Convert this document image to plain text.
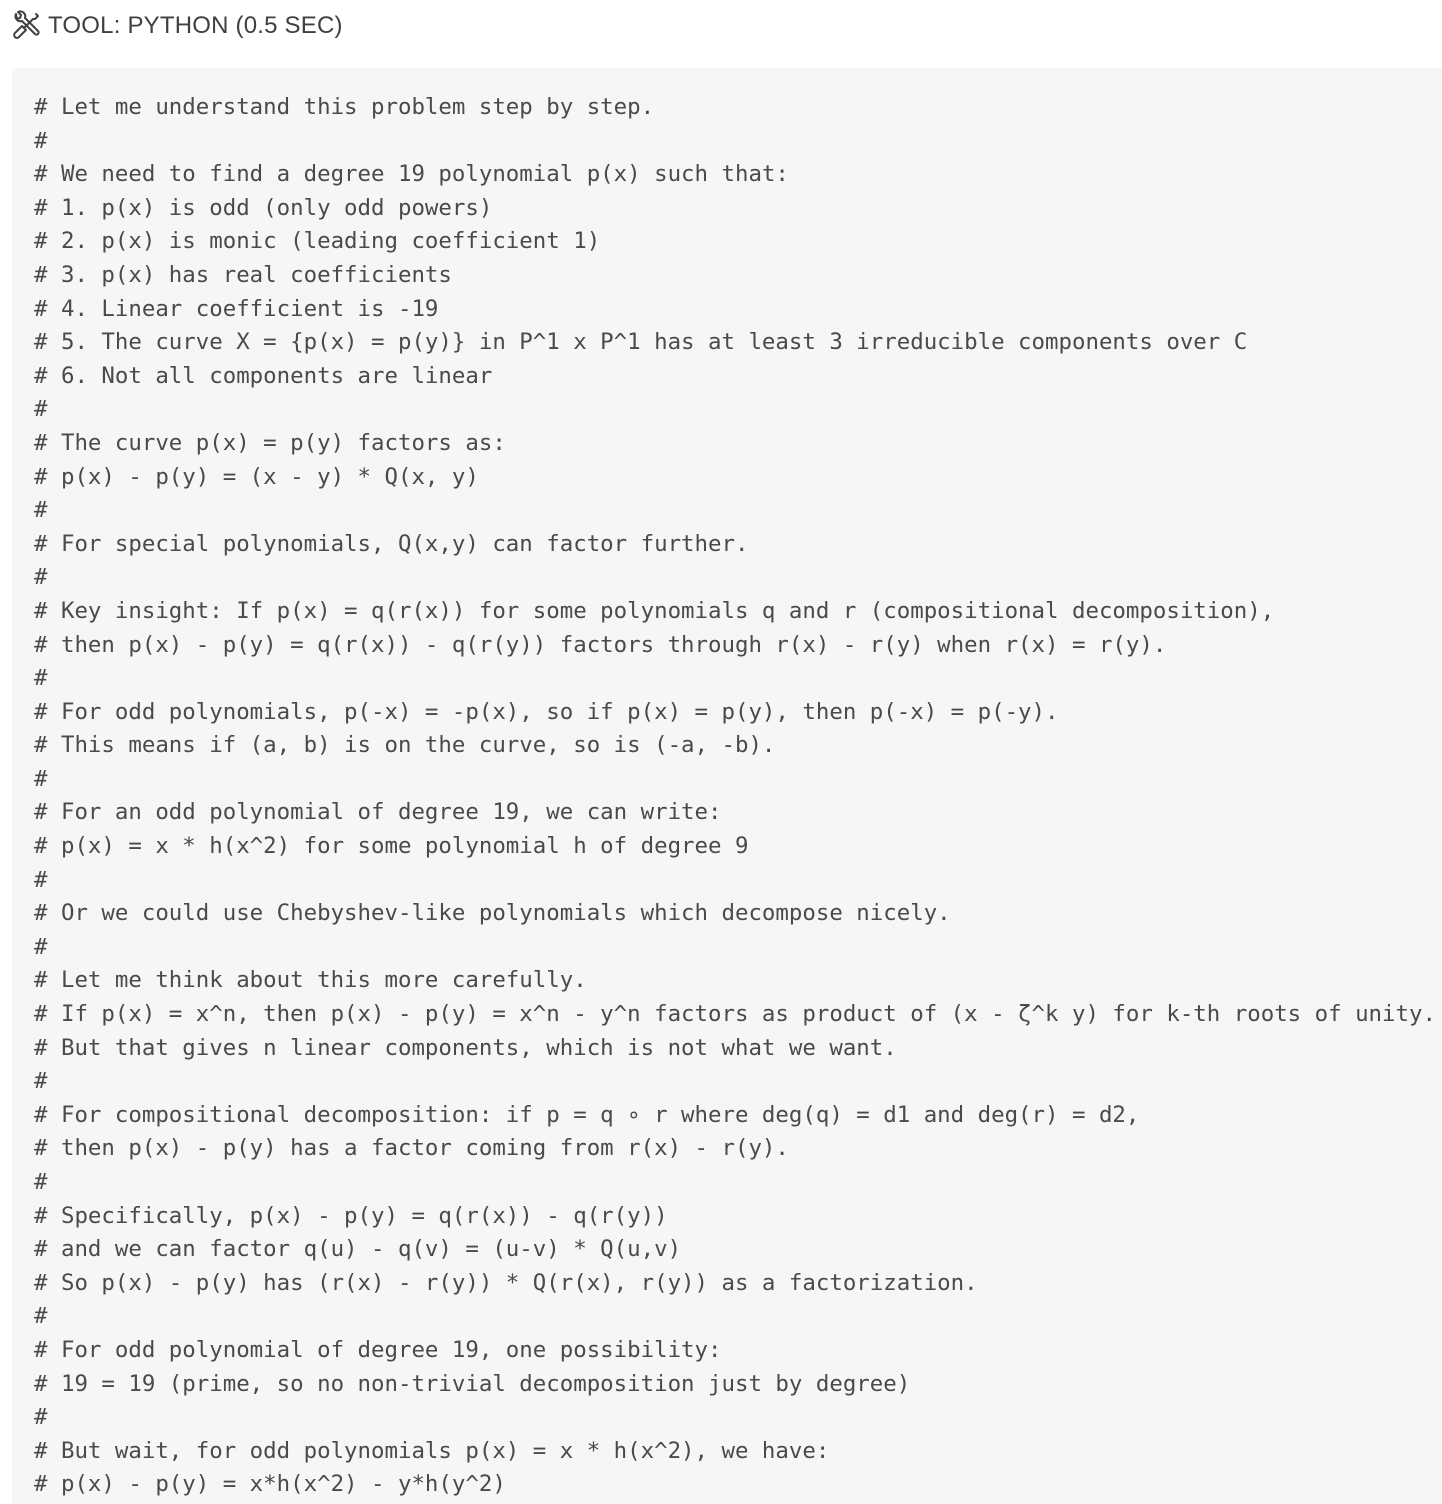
TOOL: PYTHON (0.5 SEC)
# Let me understand this problem step by step.
#
# We need to find a degree 19 polynomial p(x) such that:
# 1. p(x) is odd (only odd powers)
# 2. p(x) is monic (leading coefficient 1)
# 3. p(x) has real coefficients
# 4. Linear coefficient is -19
# 5. The curve X = {p(x) = p(y)} in P^1 x P^1 has at least 3 irreducible components over C
# 6. Not all components are linear
#
# The curve p(x) = p(y) factors as:
# p(x) - p(y) = (x - y) * Q(x, y)
#
# For special polynomials, Q(x,y) can factor further.
#
# Key insight: If p(x) = q(r(x)) for some polynomials q and r (compositional decomposition),
# then p(x) - p(y) = q(r(x)) - q(r(y)) factors through r(x) - r(y) when r(x) = r(y).
#
# For odd polynomials, p(-x) = -p(x), so if p(x) = p(y), then p(-x) = p(-y).
# This means if (a, b) is on the curve, so is (-a, -b).
#
# For an odd polynomial of degree 19, we can write:
# p(x) = x * h(x^2) for some polynomial h of degree 9
#
# Or we could use Chebyshev-like polynomials which decompose nicely.
#
# Let me think about this more carefully.
# If p(x) = x^n, then p(x) - p(y) = x^n - y^n factors as product of (x - ζ^k y) for k-th roots of unity.
# But that gives n linear components, which is not what we want.
#
# For compositional decomposition: if p = q ∘ r where deg(q) = d1 and deg(r) = d2,
# then p(x) - p(y) has a factor coming from r(x) - r(y).
#
# Specifically, p(x) - p(y) = q(r(x)) - q(r(y))
# and we can factor q(u) - q(v) = (u-v) * Q(u,v)
# So p(x) - p(y) has (r(x) - r(y)) * Q(r(x), r(y)) as a factorization.
#
# For odd polynomial of degree 19, one possibility:
# 19 = 19 (prime, so no non-trivial decomposition just by degree)
#
# But wait, for odd polynomials p(x) = x * h(x^2), we have:
# p(x) - p(y) = x*h(x^2) - y*h(y^2)
